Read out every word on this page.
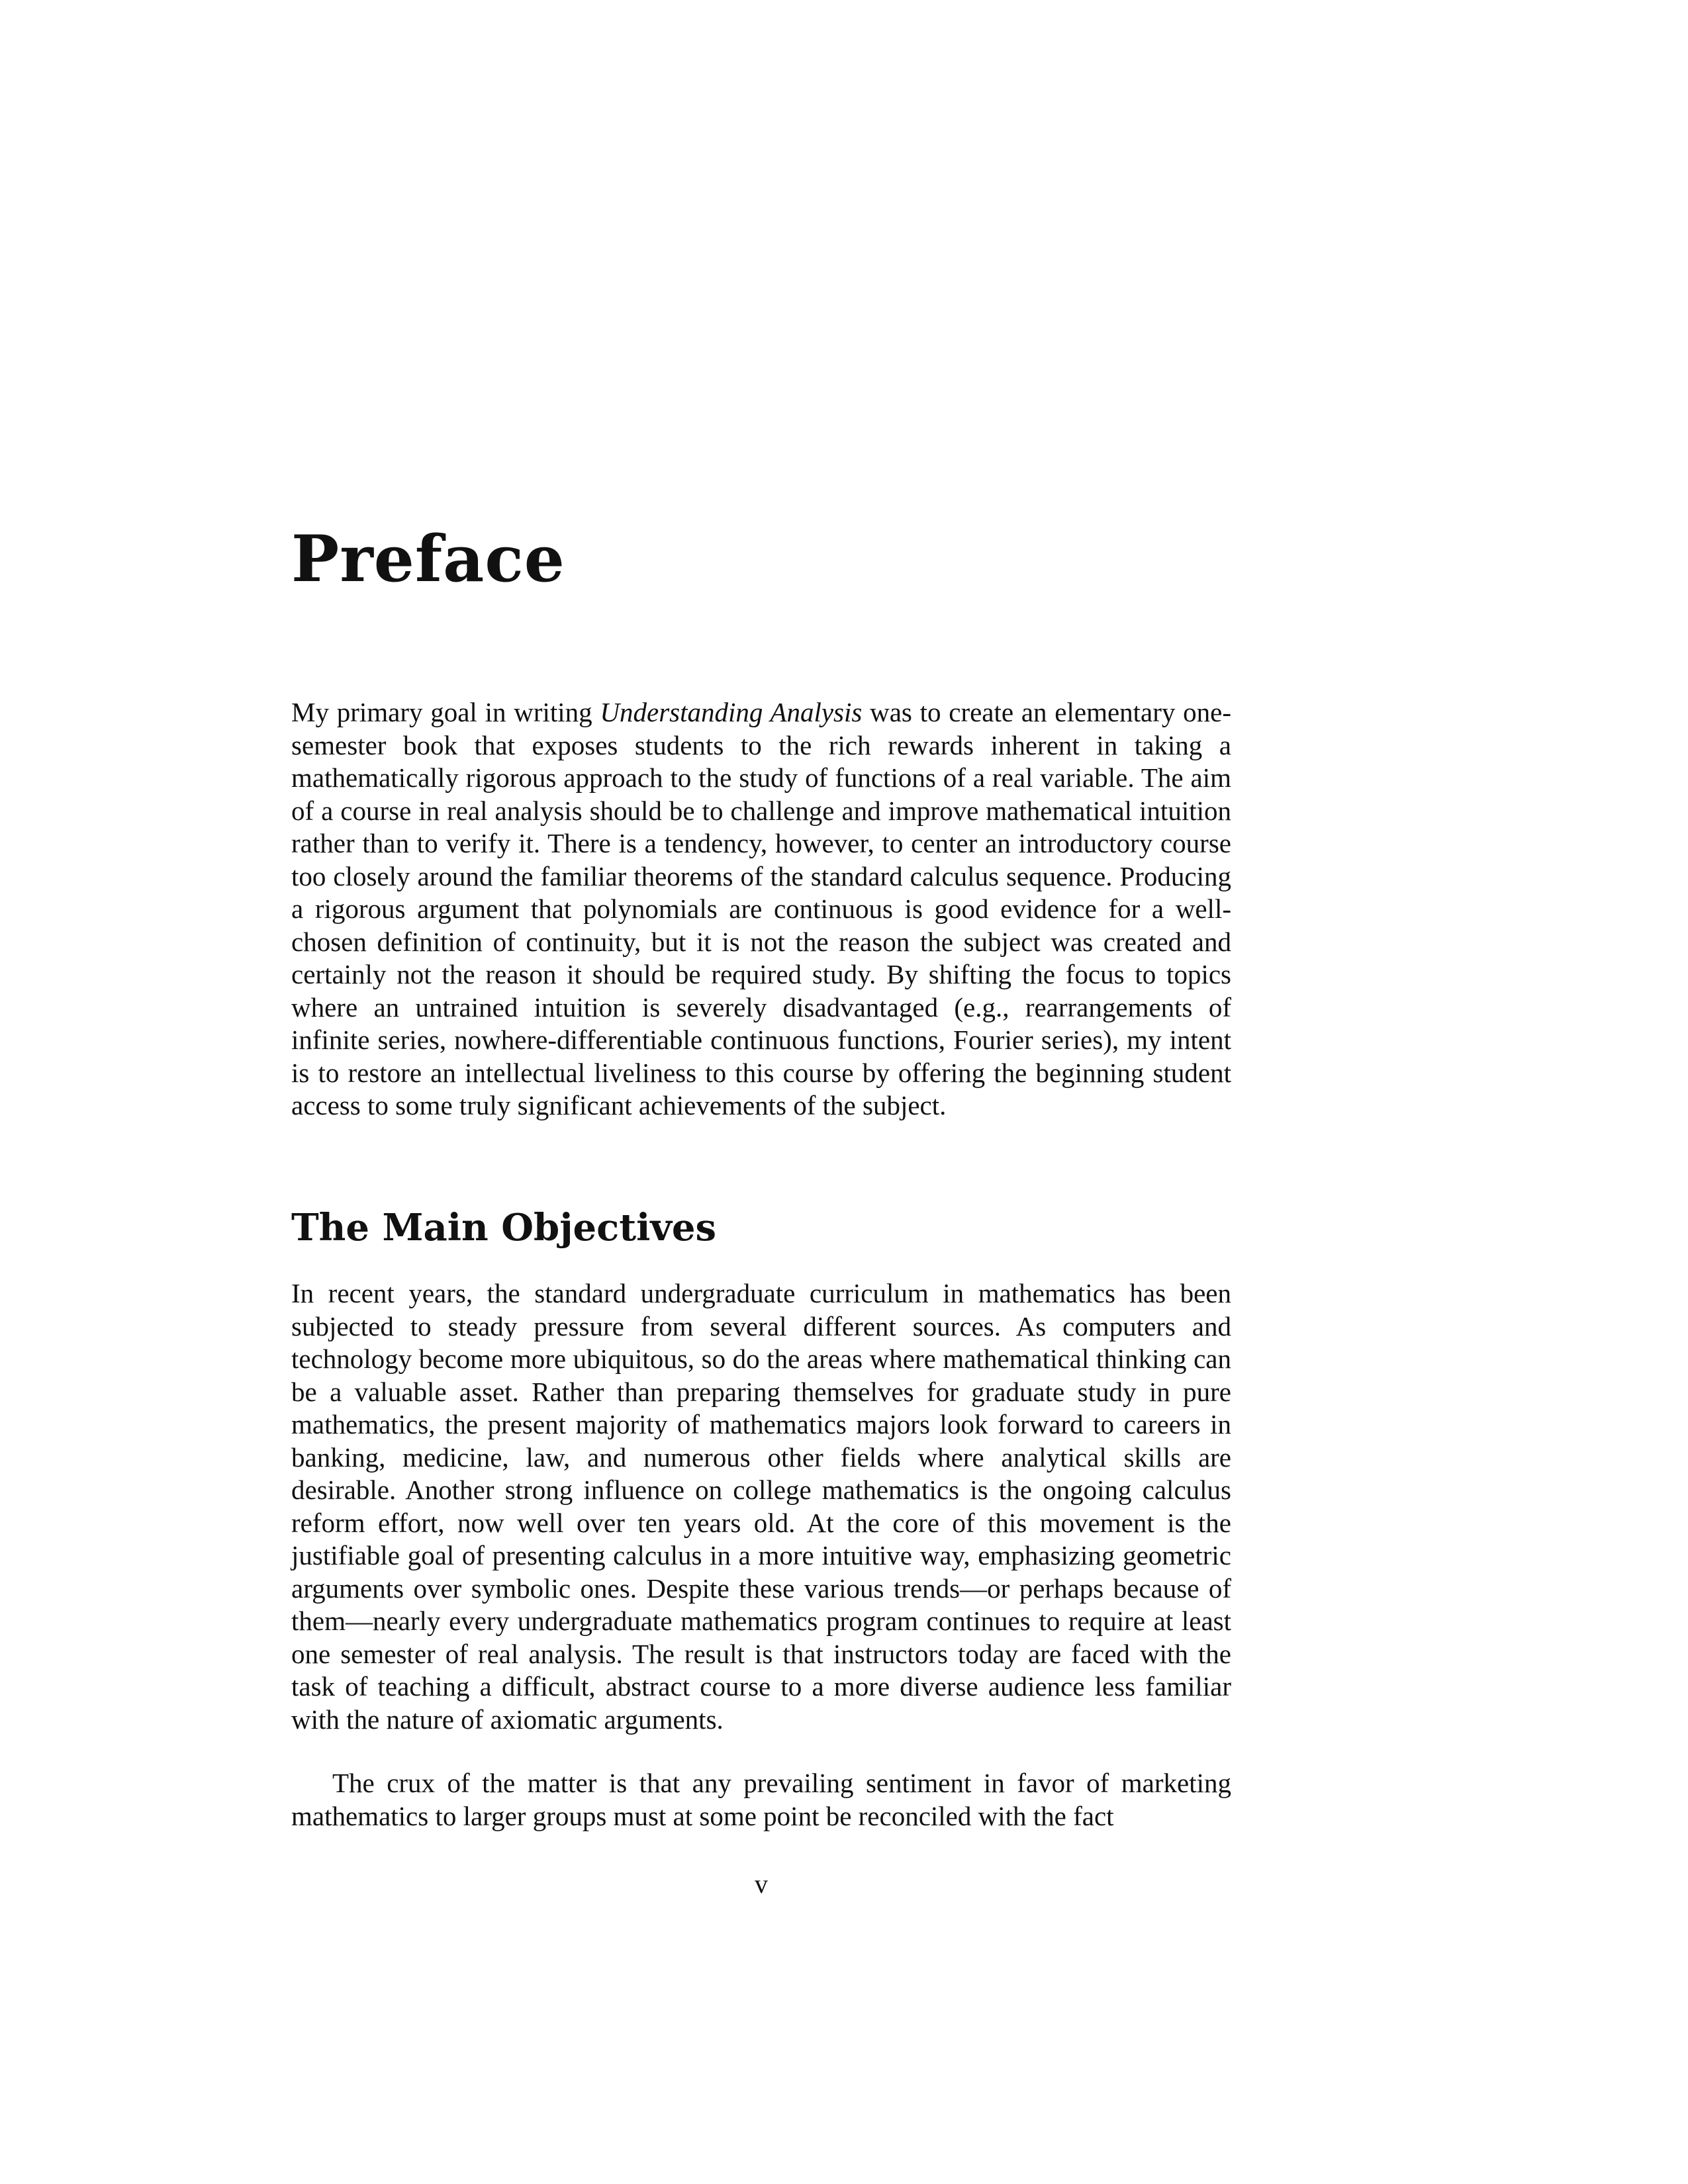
Preface

My primary goal in writing Understanding Analysis was to create an elementary one-semester book that exposes students to the rich rewards inherent in taking a mathematically rigorous approach to the study of functions of a real variable. The aim of a course in real analysis should be to challenge and improve mathematical intuition rather than to verify it. There is a tendency, however, to center an introductory course too closely around the familiar theorems of the standard calculus sequence. Producing a rigorous argument that polynomials are continuous is good evidence for a well-chosen definition of continuity, but it is not the reason the subject was created and certainly not the reason it should be required study. By shifting the focus to topics where an untrained intuition is severely disadvantaged (e.g., rearrangements of infinite series, nowhere-differentiable continuous functions, Fourier series), my intent is to restore an intellectual liveliness to this course by offering the beginning student access to some truly significant achievements of the subject.

The Main Objectives

In recent years, the standard undergraduate curriculum in mathematics has been subjected to steady pressure from several different sources. As computers and technology become more ubiquitous, so do the areas where mathematical thinking can be a valuable asset. Rather than preparing themselves for graduate study in pure mathematics, the present majority of mathematics majors look forward to careers in banking, medicine, law, and numerous other fields where analytical skills are desirable. Another strong influence on college mathematics is the ongoing calculus reform effort, now well over ten years old. At the core of this movement is the justifiable goal of presenting calculus in a more intuitive way, emphasizing geometric arguments over symbolic ones. Despite these various trends—or perhaps because of them—nearly every undergraduate mathematics program continues to require at least one semester of real analysis. The result is that instructors today are faced with the task of teaching a difficult, abstract course to a more diverse audience less familiar with the nature of axiomatic arguments.

The crux of the matter is that any prevailing sentiment in favor of marketing mathematics to larger groups must at some point be reconciled with the fact

v
